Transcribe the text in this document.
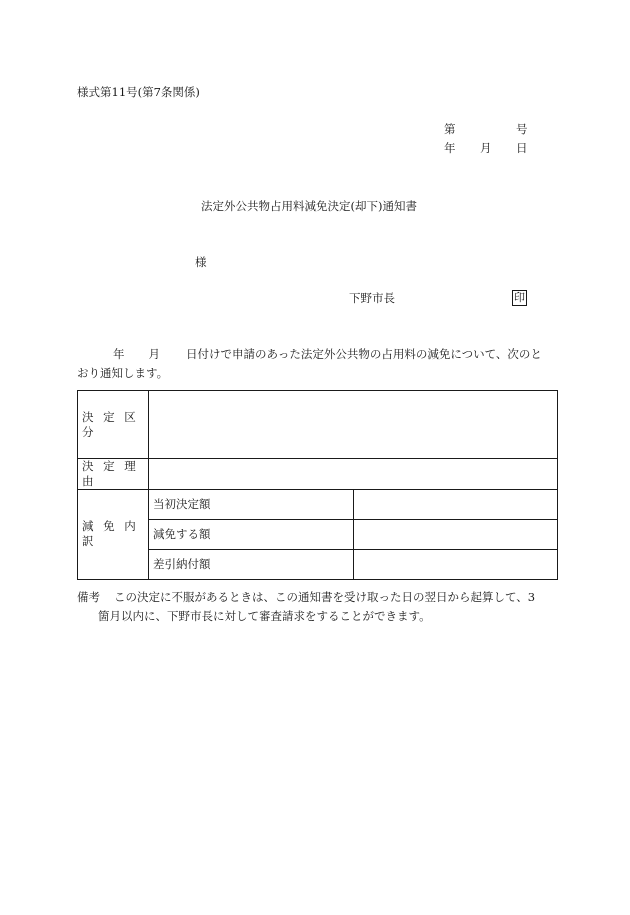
様式第11号(第7条関係)
第	号
年 月 日
法定外公共物占用料減免決定(却下)通知書
様
下野市長	印
年 月 日付けで申請のあった法定外公共物の占用料の減免について、次のと
おり通知します。
決 定 区 分		
決 定 理 由		
減 免 内 訳	当初決定額	
	減免する額	
	差引納付額	
備考 この決定に不服があるときは、この通知書を受け取った日の翌日から起算して、3
箇月以内に、下野市長に対して審査請求をすることができます。
